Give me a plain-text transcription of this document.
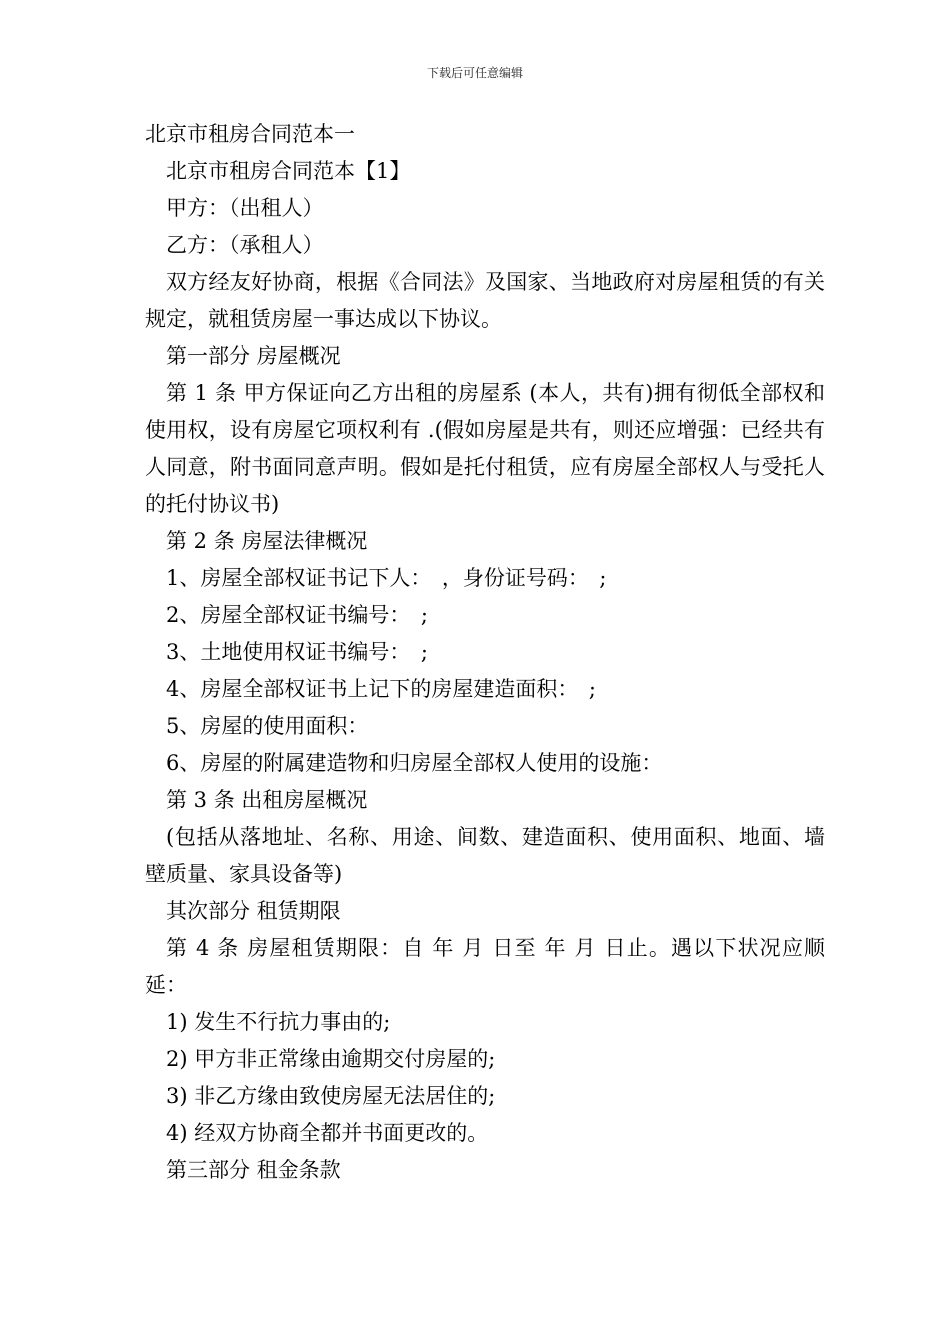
下载后可任意编辑

北京市租房合同范本一

北京市租房合同范本【1】

甲方：（出租人）

乙方：（承租人）

双方经友好协商，根据《合同法》及国家、当地政府对房屋租赁的有关规定，就租赁房屋一事达成以下协议。

第一部分 房屋概况

第 1 条 甲方保证向乙方出租的房屋系 (本人，共有)拥有彻低全部权和使用权，设有房屋它项权利有 .(假如房屋是共有，则还应增强：已经共有人同意，附书面同意声明。假如是托付租赁，应有房屋全部权人与受托人的托付协议书)

第 2 条 房屋法律概况

1、房屋全部权证书记下人：　，身份证号码：　;

2、房屋全部权证书编号：　;

3、土地使用权证书编号：　;

4、房屋全部权证书上记下的房屋建造面积：　;

5、房屋的使用面积：

6、房屋的附属建造物和归房屋全部权人使用的设施：

第 3 条 出租房屋概况

(包括从落地址、名称、用途、间数、建造面积、使用面积、地面、墙壁质量、家具设备等)

其次部分 租赁期限

第 4 条 房屋租赁期限：自 年 月 日至 年 月 日止。遇以下状况应顺延：

1) 发生不行抗力事由的;

2) 甲方非正常缘由逾期交付房屋的;

3) 非乙方缘由致使房屋无法居住的;

4) 经双方协商全都并书面更改的。

第三部分 租金条款
